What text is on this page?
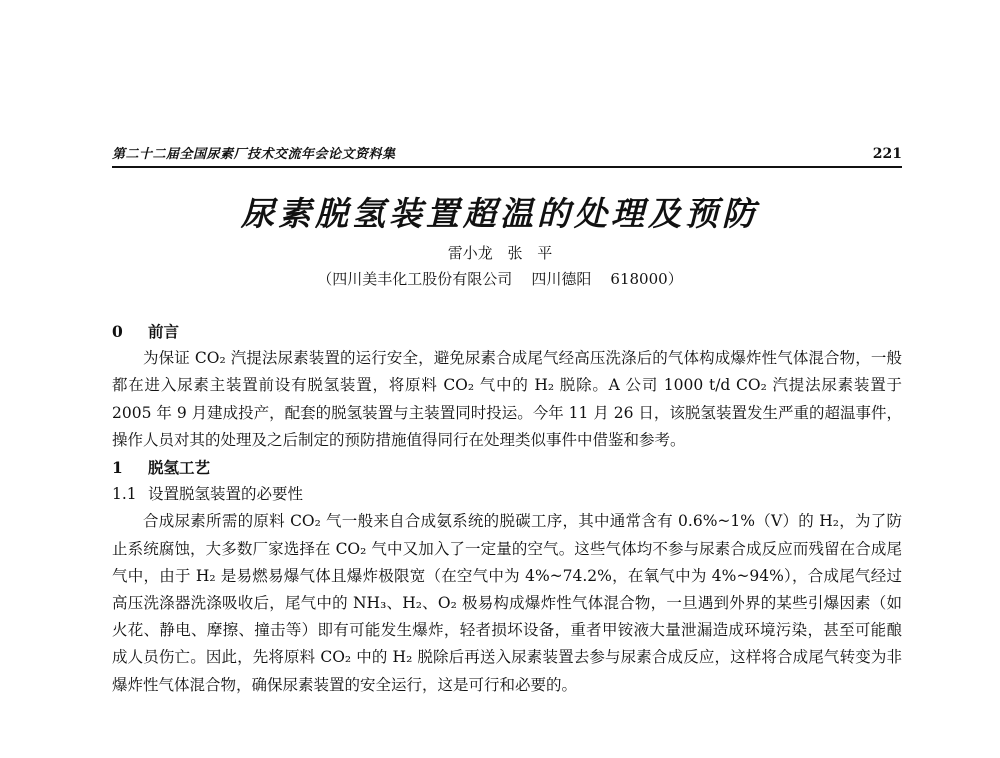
第二十二届全国尿素厂技术交流年会论文资料集	221
尿素脱氢装置超温的处理及预防
雷小龙 张 平
（四川美丰化工股份有限公司    四川德阳    618000）

0 前言

为保证 CO₂ 汽提法尿素装置的运行安全，避免尿素合成尾气经高压洗涤后的气体构成爆炸性气体混合物，一般都在进入尿素主装置前设有脱氢装置，将原料 CO₂ 气中的 H₂ 脱除。A 公司 1000 t/d CO₂ 汽提法尿素装置于 2005 年 9 月建成投产，配套的脱氢装置与主装置同时投运。今年 11 月 26 日，该脱氢装置发生严重的超温事件，操作人员对其的处理及之后制定的预防措施值得同行在处理类似事件中借鉴和参考。

1 脱氢工艺

1.1 设置脱氢装置的必要性

合成尿素所需的原料 CO₂ 气一般来自合成氨系统的脱碳工序，其中通常含有 0.6%~1%（V）的 H₂，为了防止系统腐蚀，大多数厂家选择在 CO₂ 气中又加入了一定量的空气。这些气体均不参与尿素合成反应而残留在合成尾气中，由于 H₂ 是易燃易爆气体且爆炸极限宽（在空气中为 4%~74.2%，在氧气中为 4%~94%），合成尾气经过高压洗涤器洗涤吸收后，尾气中的 NH₃、H₂、O₂ 极易构成爆炸性气体混合物，一旦遇到外界的某些引爆因素（如火花、静电、摩擦、撞击等）即有可能发生爆炸，轻者损坏设备，重者甲铵液大量泄漏造成环境污染，甚至可能酿成人员伤亡。因此，先将原料 CO₂ 中的 H₂ 脱除后再送入尿素装置去参与尿素合成反应，这样将合成尾气转变为非爆炸性气体混合物，确保尿素装置的安全运行，这是可行和必要的。
